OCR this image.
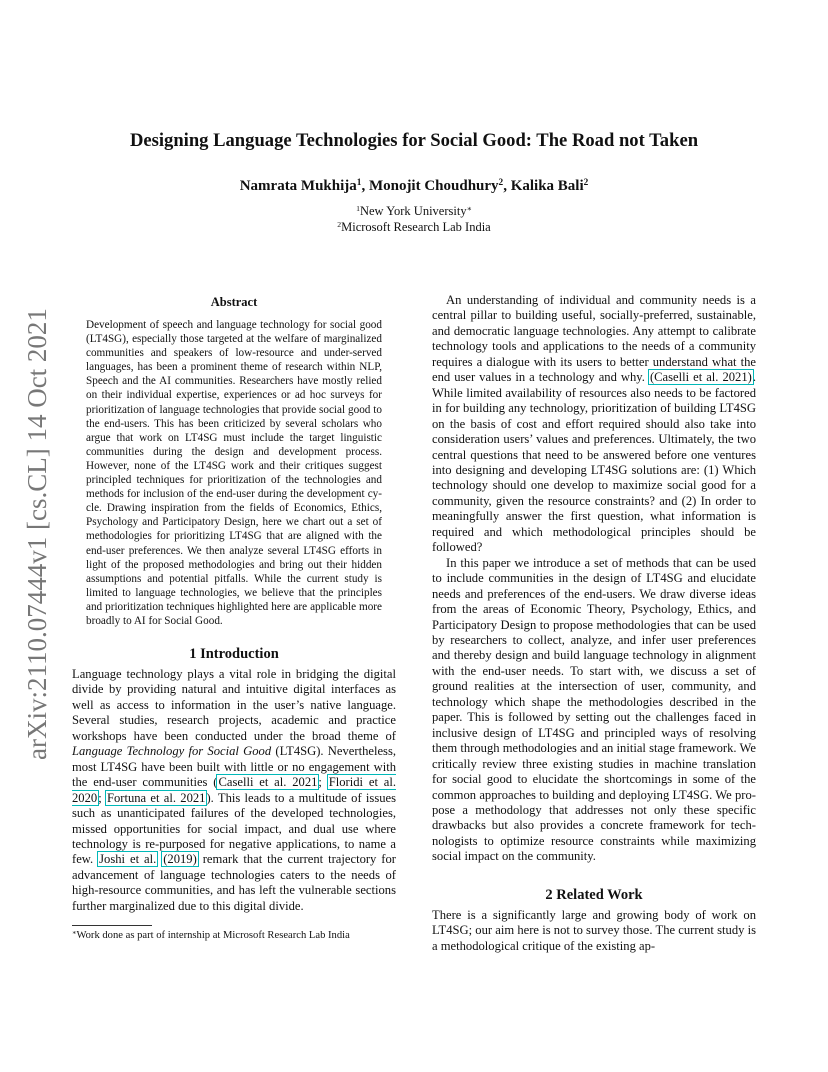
arXiv:2110.07444v1 [cs.CL] 14 Oct 2021
Designing Language Technologies for Social Good: The Road not Taken
Namrata Mukhija$^1$, Monojit Choudhury$^2$, Kalika Bali$^2$
$^1$New York University∗
$^2$Microsoft Research Lab India
Abstract
Development of speech and language technology for social good (LT4SG), especially those targeted at the welfare of marginalized communities and speakers of low-resource and under-served languages, has been a prominent theme of research within NLP, Speech and the AI communities. Researchers have mostly relied on their individual expertise, experiences or ad hoc surveys for prioritization of language technologies that provide social good to the end-users. This has been criticized by several scholars who argue that work on LT4SG must include the target linguistic communities during the design and development process. However, none of the LT4SG work and their critiques suggest principled techniques for prioritization of the technologies and methods for inclusion of the end-user during the development cycle. Drawing inspiration from the fields of Economics, Ethics, Psychology and Participatory Design, here we chart out a set of methodologies for prioritizing LT4SG that are aligned with the end-user preferences. We then analyze several LT4SG efforts in light of the proposed methodologies and bring out their hidden assumptions and potential pitfalls. While the current study is limited to language technologies, we believe that the principles and prioritization techniques highlighted here are applicable more broadly to AI for Social Good.
1 Introduction

Language technology plays a vital role in bridging the digital divide by providing natural and intuitive digital interfaces as well as access to information in the user’s native language. Several studies, research projects, academic and practice workshops have been conducted under the broad theme of Language Technology for Social Good (LT4SG). Nevertheless, most LT4SG have been built with little or no engagement with the end-user communities (Caselli et al. 2021; Floridi et al. 2020; Fortuna et al. 2021). This leads to a multitude of issues such as unanticipated failures of the developed technologies, missed opportunities for social impact, and dual use where technology is re-purposed for negative applications, to name a few. Joshi et al. (2019) remark that the current trajectory for advancement of language technologies caters to the needs of high-resource communities, and has left the vulnerable sections further marginalized due to this digital divide.

∗Work done as part of internship at Microsoft Research Lab India

An understanding of individual and community needs is a central pillar to building useful, socially-preferred, sustainable, and democratic language technologies. Any attempt to calibrate technology tools and applications to the needs of a community requires a dialogue with its users to better understand what the end user values in a technology and why. (Caselli et al. 2021). While limited availability of resources also needs to be factored in for building any technology, prioritization of building LT4SG on the basis of cost and effort required should also take into consideration users’ values and preferences. Ultimately, the two central questions that need to be answered before one ventures into designing and developing LT4SG solutions are: (1) Which technology should one develop to maximize social good for a community, given the resource constraints? and (2) In order to meaningfully answer the first question, what information is required and which methodological principles should be followed?

In this paper we introduce a set of methods that can be used to include communities in the design of LT4SG and elucidate needs and preferences of the end-users. We draw diverse ideas from the areas of Economic Theory, Psychology, Ethics, and Participatory Design to propose methodologies that can be used by researchers to collect, analyze, and infer user preferences and thereby design and build language technology in alignment with the end-user needs. To start with, we discuss a set of ground realities at the intersection of user, community, and technology which shape the methodologies described in the paper. This is followed by setting out the challenges faced in inclusive design of LT4SG and principled ways of resolving them through methodologies and an initial stage framework. We critically review three existing studies in machine translation for social good to elucidate the shortcomings in some of the common approaches to building and deploying LT4SG. We propose a methodology that addresses not only these specific drawbacks but also provides a concrete framework for technologists to optimize resource constraints while maximizing social impact on the community.

2 Related Work
There is a significantly large and growing body of work on LT4SG; our aim here is not to survey those. The current study is a methodological critique of the existing ap-
